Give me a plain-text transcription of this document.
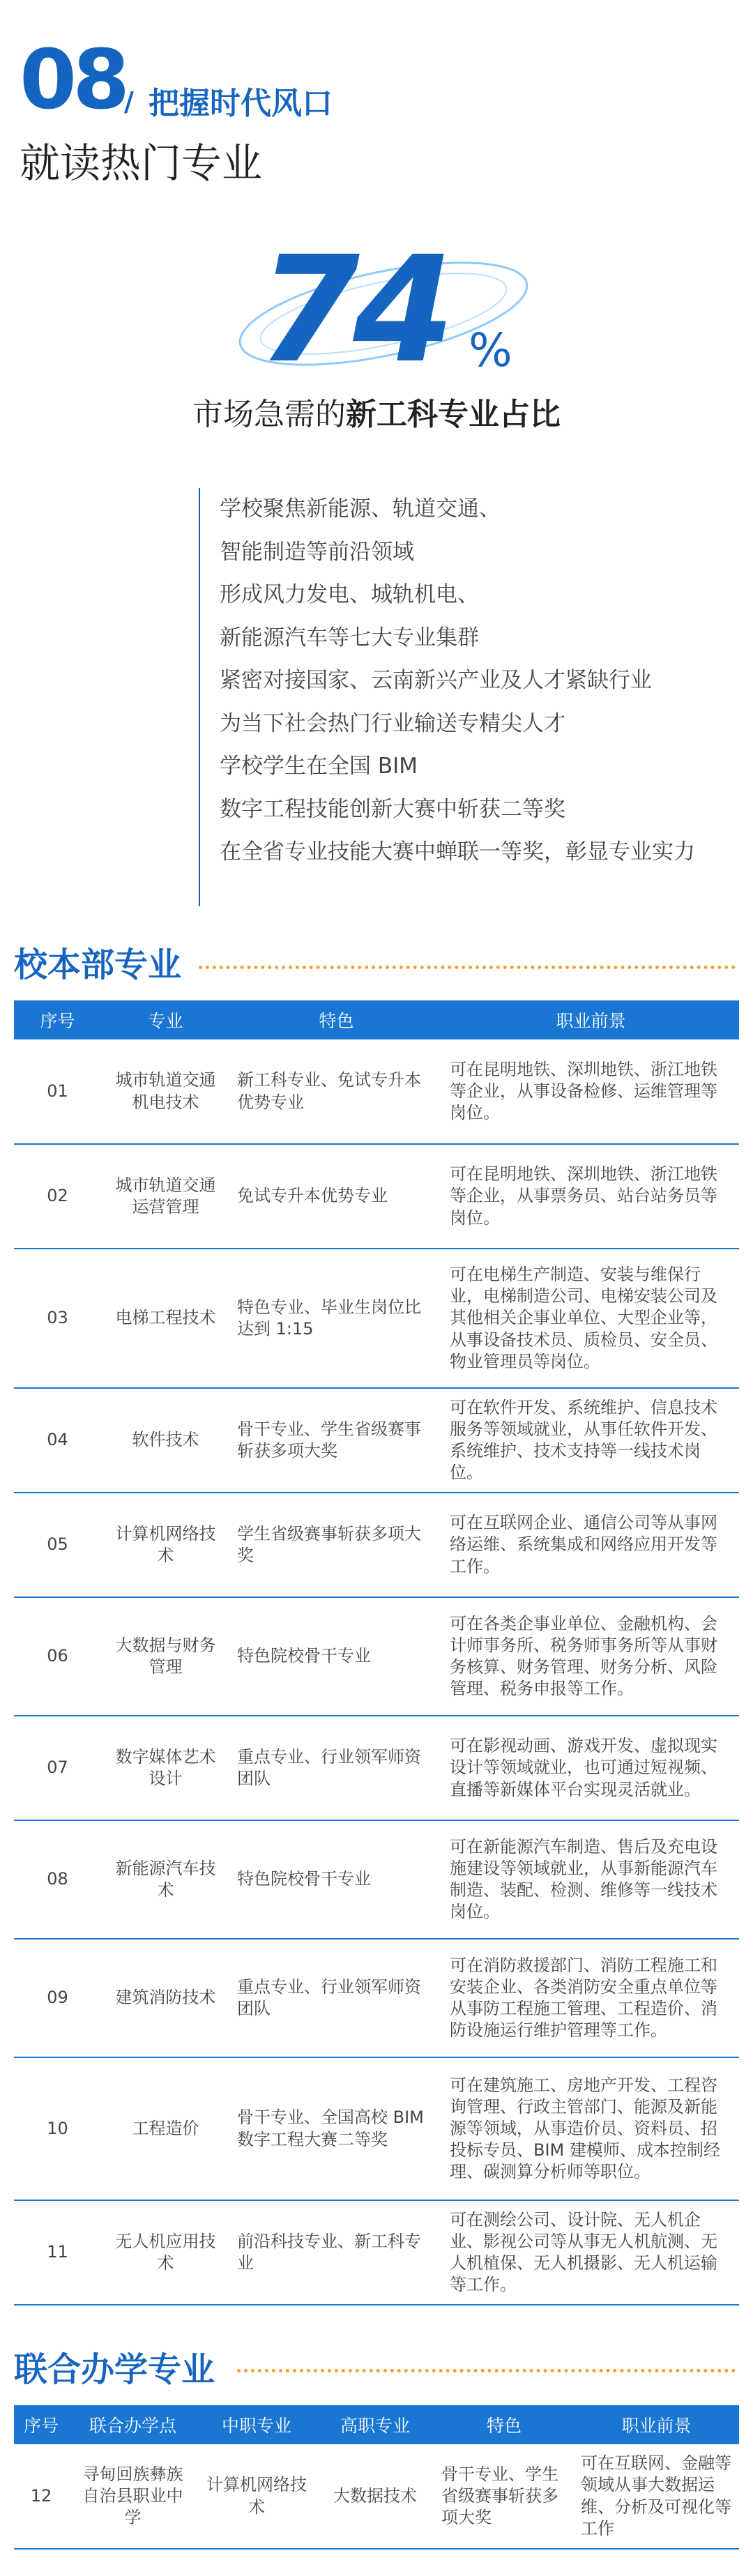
08
/ 把握时代风口
就读热门专业
74 %
市场急需的新工科专业占比
学校聚焦新能源、轨道交通、
智能制造等前沿领域
形成风力发电、城轨机电、
新能源汽车等七大专业集群
紧密对接国家、云南新兴产业及人才紧缺行业
为当下社会热门行业输送专精尖人才
学校学生在全国 BIM
数字工程技能创新大赛中斩获二等奖
在全省专业技能大赛中蝉联一等奖，彰显专业实力
校本部专业
序号	专业	特色	职业前景
01	城市轨道交通机电技术	新工科专业、免试专升本优势专业	可在昆明地铁、深圳地铁、浙江地铁等企业，从事设备检修、运维管理等岗位。
02	城市轨道交通运营管理	免试专升本优势专业	可在昆明地铁、深圳地铁、浙江地铁等企业，从事票务员、站台站务员等岗位。
03	电梯工程技术	特色专业、毕业生岗位比达到 1:15	可在电梯生产制造、安装与维保行业，电梯制造公司、电梯安装公司及其他相关企事业单位、大型企业等，从事设备技术员、质检员、安全员、物业管理员等岗位。
04	软件技术	骨干专业、学生省级赛事斩获多项大奖	可在软件开发、系统维护、信息技术服务等领域就业，从事任软件开发、系统维护、技术支持等一线技术岗位。
05	计算机网络技术	学生省级赛事斩获多项大奖	可在互联网企业、通信公司等从事网络运维、系统集成和网络应用开发等工作。
06	大数据与财务管理	特色院校骨干专业	可在各类企事业单位、金融机构、会计师事务所、税务师事务所等从事财务核算、财务管理、财务分析、风险管理、税务申报等工作。
07	数字媒体艺术设计	重点专业、行业领军师资团队	可在影视动画、游戏开发、虚拟现实设计等领域就业，也可通过短视频、直播等新媒体平台实现灵活就业。
08	新能源汽车技术	特色院校骨干专业	可在新能源汽车制造、售后及充电设施建设等领域就业，从事新能源汽车制造、装配、检测、维修等一线技术岗位。
09	建筑消防技术	重点专业、行业领军师资团队	可在消防救援部门、消防工程施工和安装企业、各类消防安全重点单位等从事防工程施工管理、工程造价、消防设施运行维护管理等工作。
10	工程造价	骨干专业、全国高校 BIM 数字工程大赛二等奖	可在建筑施工、房地产开发、工程咨询管理、行政主管部门、能源及新能源等领域，从事造价员、资料员、招投标专员、BIM 建模师、成本控制经理、碳测算分析师等职位。
11	无人机应用技术	前沿科技专业、新工科专业	可在测绘公司、设计院、无人机企业、影视公司等从事无人机航测、无人机植保、无人机摄影、无人机运输等工作。
联合办学专业
序号	联合办学点	中职专业	高职专业	特色	职业前景
12	寻甸回族彝族自治县职业中学	计算机网络技术	大数据技术	骨干专业、学生省级赛事斩获多项大奖	可在互联网、金融等领域从事大数据运维、分析及可视化等工作
